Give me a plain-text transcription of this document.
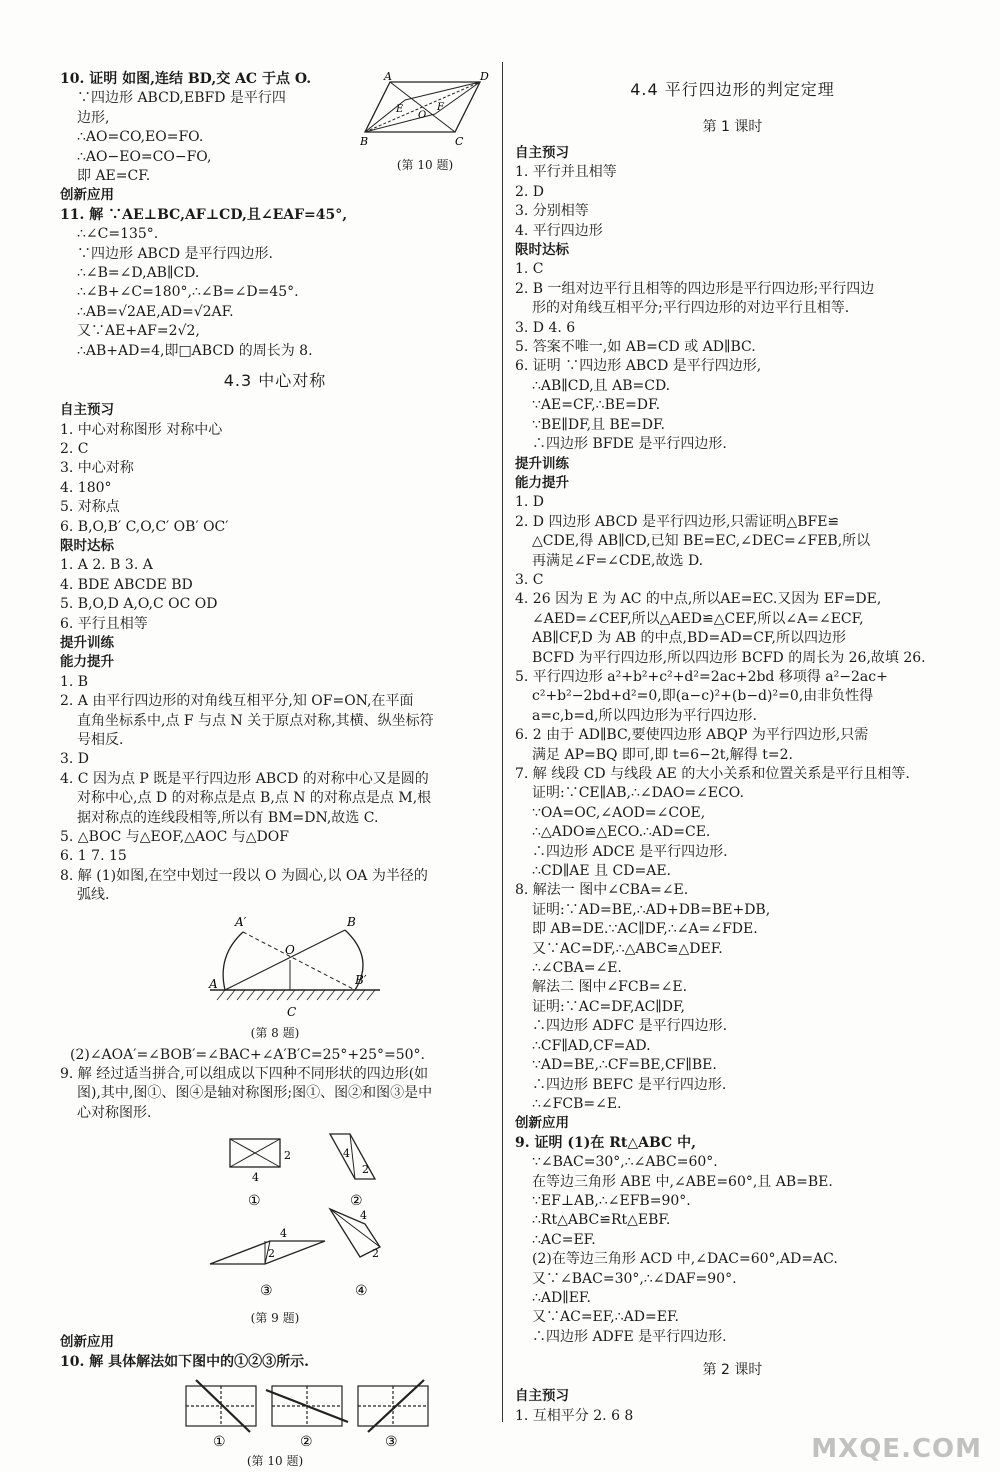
10. 证明 如图,连结 BD,交 AC 于点 O.
∵四边形 ABCD,EBFD 是平行四
边形,
∴AO=CO,EO=FO.
∴AO−EO=CO−FO,
即 AE=CF.
A	D
B	C
E
O
F
(第 10 题)
创新应用
11. 解 ∵AE⊥BC,AF⊥CD,且∠EAF=45°,
∴∠C=135°.
∵四边形 ABCD 是平行四边形.
∴∠B=∠D,AB∥CD.
∴∠B+∠C=180°,∴∠B=∠D=45°.
∴AB=√2AE,AD=√2AF.
又∵AE+AF=2√2,
∴AB+AD=4,即□ABCD 的周长为 8.
4.3 中心对称
自主预习
1. 中心对称图形 对称中心
2. C
3. 中心对称
4. 180°
5. 对称点
6. B,O,B′ C,O,C′ OB′ OC′
限时达标
1. A 2. B 3. A
4. BDE ABCDE BD
5. B,O,D A,O,C OC OD
6. 平行且相等
提升训练
能力提升
1. B
2. A 由平行四边形的对角线互相平分,知 OF=ON,在平面
直角坐标系中,点 F 与点 N 关于原点对称,其横、纵坐标符
号相反.
3. D
4. C 因为点 P 既是平行四边形 ABCD 的对称中心又是圆的
对称中心,点 D 的对称点是点 B,点 N 的对称点是点 M,根
据对称点的连线段相等,所以有 BM=DN,故选 C.
5. △BOC 与△EOF,△AOC 与△DOF
6. 1 7. 15
8. 解 (1)如图,在空中划过一段以 O 为圆心,以 OA 为半径的
弧线.
A
A′	B
B′
O
C
(第 8 题)
(2)∠AOA′=∠BOB′=∠BAC+∠A′B′C=25°+25°=50°.
9. 解 经过适当拼合,可以组成以下四种不同形状的四边形(如
图),其中,图①、图④是轴对称图形;图①、图②和图③是中
心对称图形.
2
4
①
4
2
②
4
2
③
4
2
④
(第 9 题)
创新应用
10. 解 具体解法如下图中的①②③所示.
①	②	③
(第 10 题)
4.4 平行四边形的判定定理
第 1 课时
自主预习
1. 平行并且相等
2. D
3. 分别相等
4. 平行四边形
限时达标
1. C
2. B 一组对边平行且相等的四边形是平行四边形;平行四边
形的对角线互相平分;平行四边形的对边平行且相等.
3. D 4. 6
5. 答案不唯一,如 AB=CD 或 AD∥BC.
6. 证明 ∵四边形 ABCD 是平行四边形,
∴AB∥CD,且 AB=CD.
∵AE=CF,∴BE=DF.
∵BE∥DF,且 BE=DF.
∴四边形 BFDE 是平行四边形.
提升训练
能力提升
1. D
2. D 四边形 ABCD 是平行四边形,只需证明△BFE≌
△CDE,得 AB∥CD,已知 BE=EC,∠DEC=∠FEB,所以
再满足∠F=∠CDE,故选 D.
3. C
4. 26 因为 E 为 AC 的中点,所以AE=EC.又因为 EF=DE,
∠AED=∠CEF,所以△AED≌△CEF,所以∠A=∠ECF,
AB∥CF,D 为 AB 的中点,BD=AD=CF,所以四边形
BCFD 为平行四边形,所以四边形 BCFD 的周长为 26,故填 26.
5. 平行四边形 a²+b²+c²+d²=2ac+2bd 移项得 a²−2ac+
c²+b²−2bd+d²=0,即(a−c)²+(b−d)²=0,由非负性得
a=c,b=d,所以四边形为平行四边形.
6. 2 由于 AD∥BC,要使四边形 ABQP 为平行四边形,只需
满足 AP=BQ 即可,即 t=6−2t,解得 t=2.
7. 解 线段 CD 与线段 AE 的大小关系和位置关系是平行且相等.
证明:∵CE∥AB,∴∠DAO=∠ECO.
∵OA=OC,∠AOD=∠COE,
∴△ADO≌△ECO.∴AD=CE.
∴四边形 ADCE 是平行四边形.
∴CD∥AE 且 CD=AE.
8. 解法一 图中∠CBA=∠E.
证明:∵AD=BE,∴AD+DB=BE+DB,
即 AB=DE.∵AC∥DF,∴∠A=∠FDE.
又∵AC=DF,∴△ABC≌△DEF.
∴∠CBA=∠E.
解法二 图中∠FCB=∠E.
证明:∵AC=DF,AC∥DF,
∴四边形 ADFC 是平行四边形.
∴CF∥AD,CF=AD.
∵AD=BE,∴CF=BE,CF∥BE.
∴四边形 BEFC 是平行四边形.
∴∠FCB=∠E.
创新应用
9. 证明 (1)在 Rt△ABC 中,
∵∠BAC=30°,∴∠ABC=60°.
在等边三角形 ABE 中,∠ABE=60°,且 AB=BE.
∵EF⊥AB,∴∠EFB=90°.
∴Rt△ABC≌Rt△EBF.
∴AC=EF.
(2)在等边三角形 ACD 中,∠DAC=60°,AD=AC.
又∵∠BAC=30°,∴∠DAF=90°.
∴AD∥EF.
又∵AC=EF,∴AD=EF.
∴四边形 ADFE 是平行四边形.
第 2 课时
自主预习
1. 互相平分 2. 6 8
MXQE.COM
